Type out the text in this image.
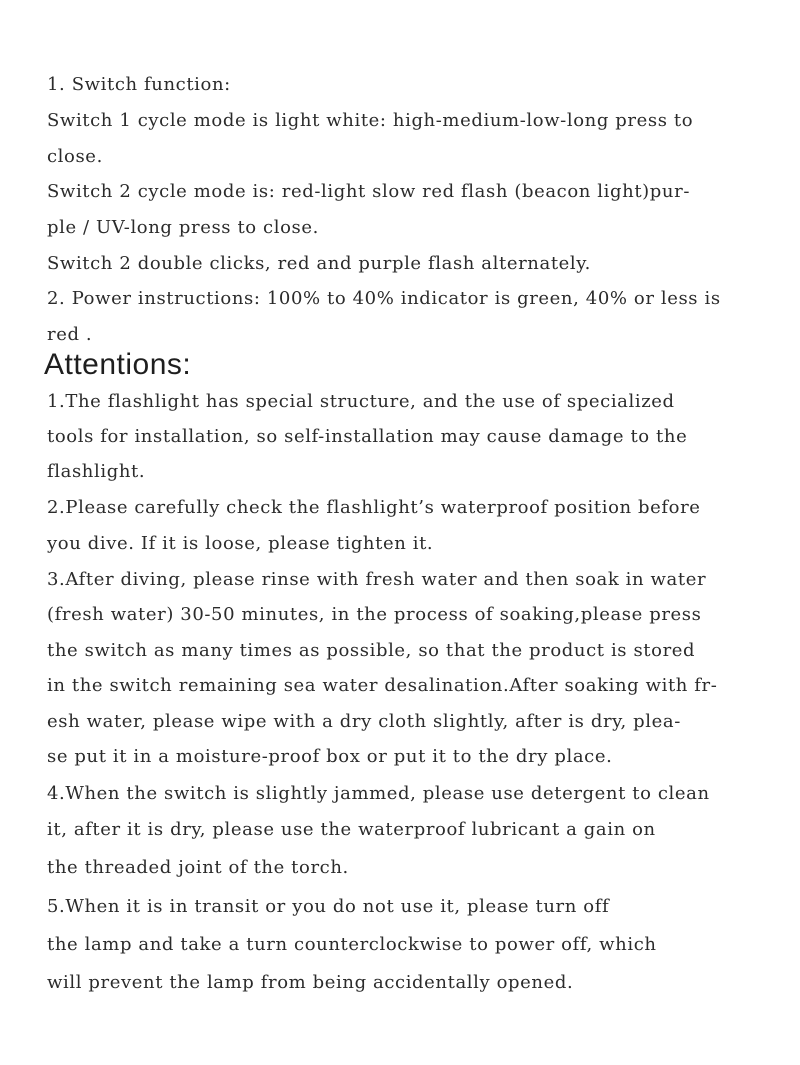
1. Switch function:
Switch 1 cycle mode is light white: high-medium-low-long press to
close.
Switch 2 cycle mode is: red-light slow red flash (beacon light)pur-
ple / UV-long press to close.
Switch 2 double clicks, red and purple flash alternately.
2. Power instructions: 100% to 40% indicator is green, 40% or less is
red .
Attentions:
1.The flashlight has special structure, and the use of specialized
tools for installation, so self-installation may cause damage to the
flashlight.
2.Please carefully check the flashlight’s waterproof position before
you dive. If it is loose, please tighten it.
3.After diving, please rinse with fresh water and then soak in water
(fresh water) 30-50 minutes, in the process of soaking,please press
the switch as many times as possible, so that the product is stored
in the switch remaining sea water desalination.After soaking with fr-
esh water, please wipe with a dry cloth slightly, after is dry, plea-
se put it in a moisture-proof box or put it to the dry place.
4.When the switch is slightly jammed, please use detergent to clean
it, after it is dry, please use the waterproof lubricant a gain on
the threaded joint of the torch.
5.When it is in transit or you do not use it, please turn off
the lamp and take a turn counterclockwise to power off, which
will prevent the lamp from being accidentally opened.
